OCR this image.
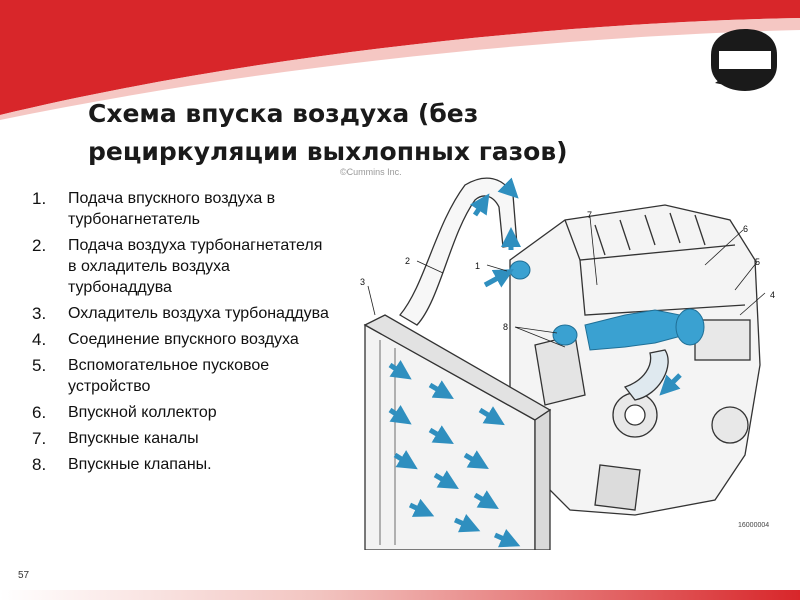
Схема впуска воздуха (без
рециркуляции выхлопных газов)
1.	Подача впускного воздуха в турбонагнетатель
2.	Подача воздуха турбонагнетателя в охладитель воздуха турбонаддува
3.	Охладитель воздуха турбонаддува
4.	Соединение впускного воздуха
5.	Вспомогательное пусковое устройство
6.	Впускной коллектор
7.	Впускные каналы
8.	Впускные клапаны.
©Cummins Inc.
1
2
3
4
5
6
7
8
16000004
57
